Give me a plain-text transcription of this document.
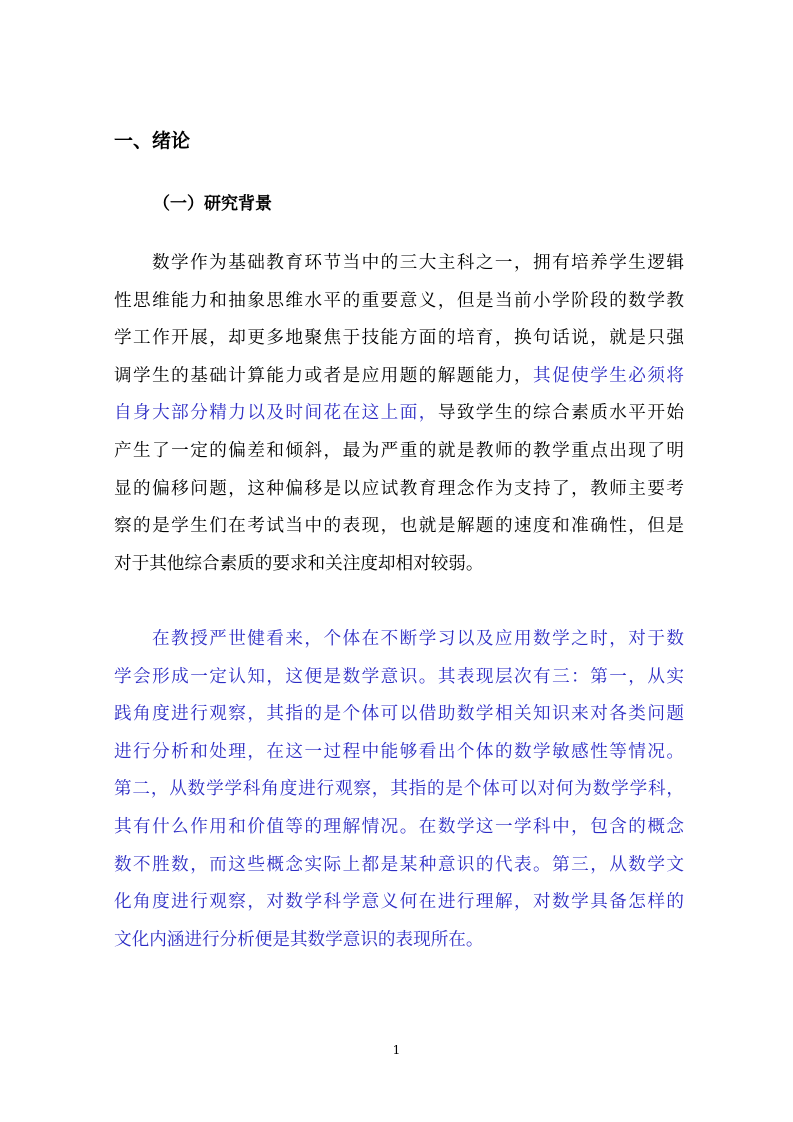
一、绪论
（一）研究背景
数学作为基础教育环节当中的三大主科之一，拥有培养学生逻辑
性思维能力和抽象思维水平的重要意义，但是当前小学阶段的数学教
学工作开展，却更多地聚焦于技能方面的培育，换句话说，就是只强
调学生的基础计算能力或者是应用题的解题能力，其促使学生必须将
自身大部分精力以及时间花在这上面，导致学生的综合素质水平开始
产生了一定的偏差和倾斜，最为严重的就是教师的教学重点出现了明
显的偏移问题，这种偏移是以应试教育理念作为支持了，教师主要考
察的是学生们在考试当中的表现，也就是解题的速度和准确性，但是
对于其他综合素质的要求和关注度却相对较弱。
在教授严世健看来，个体在不断学习以及应用数学之时，对于数
学会形成一定认知，这便是数学意识。其表现层次有三：第一，从实
践角度进行观察，其指的是个体可以借助数学相关知识来对各类问题
进行分析和处理，在这一过程中能够看出个体的数学敏感性等情况。
第二，从数学学科角度进行观察，其指的是个体可以对何为数学学科，
其有什么作用和价值等的理解情况。在数学这一学科中，包含的概念
数不胜数，而这些概念实际上都是某种意识的代表。第三，从数学文
化角度进行观察，对数学科学意义何在进行理解，对数学具备怎样的
文化内涵进行分析便是其数学意识的表现所在。

1
